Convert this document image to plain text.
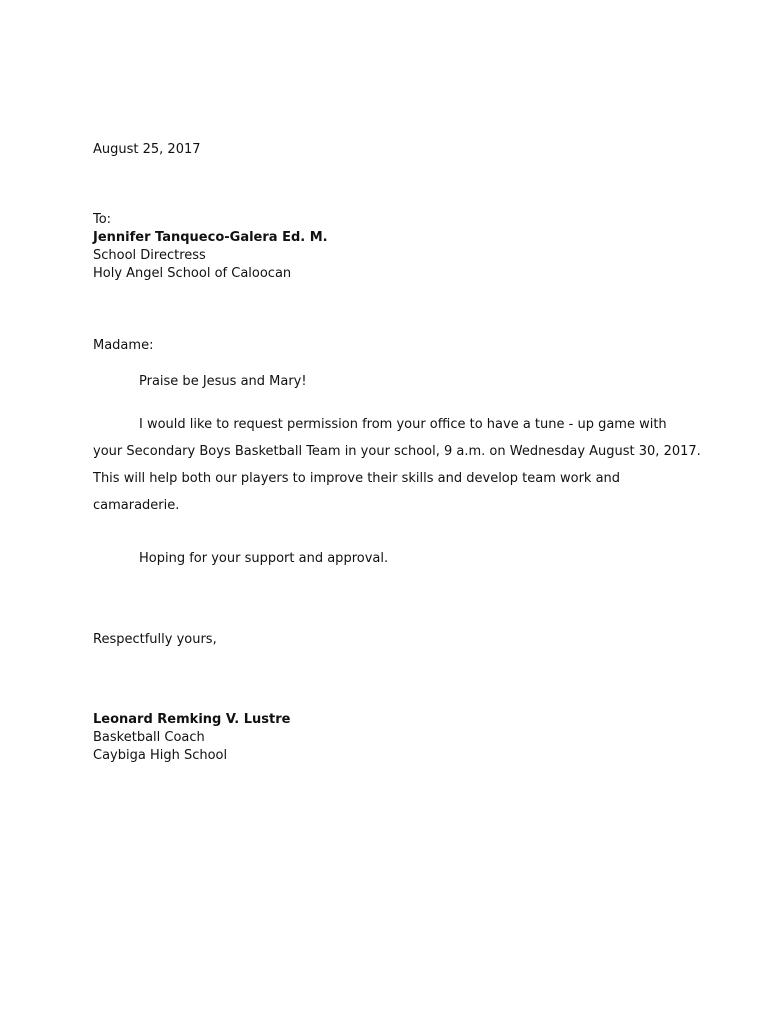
August 25, 2017
To:
Jennifer Tanqueco-Galera Ed. M.
School Directress
Holy Angel School of Caloocan
Madame:
Praise be Jesus and Mary!
I would like to request permission from your office to have a tune - up game with
your Secondary Boys Basketball Team in your school, 9 a.m. on Wednesday August 30, 2017.
This will help both our players to improve their skills and develop team work and
camaraderie.
Hoping for your support and approval.
Respectfully yours,
Leonard Remking V. Lustre
Basketball Coach
Caybiga High School
